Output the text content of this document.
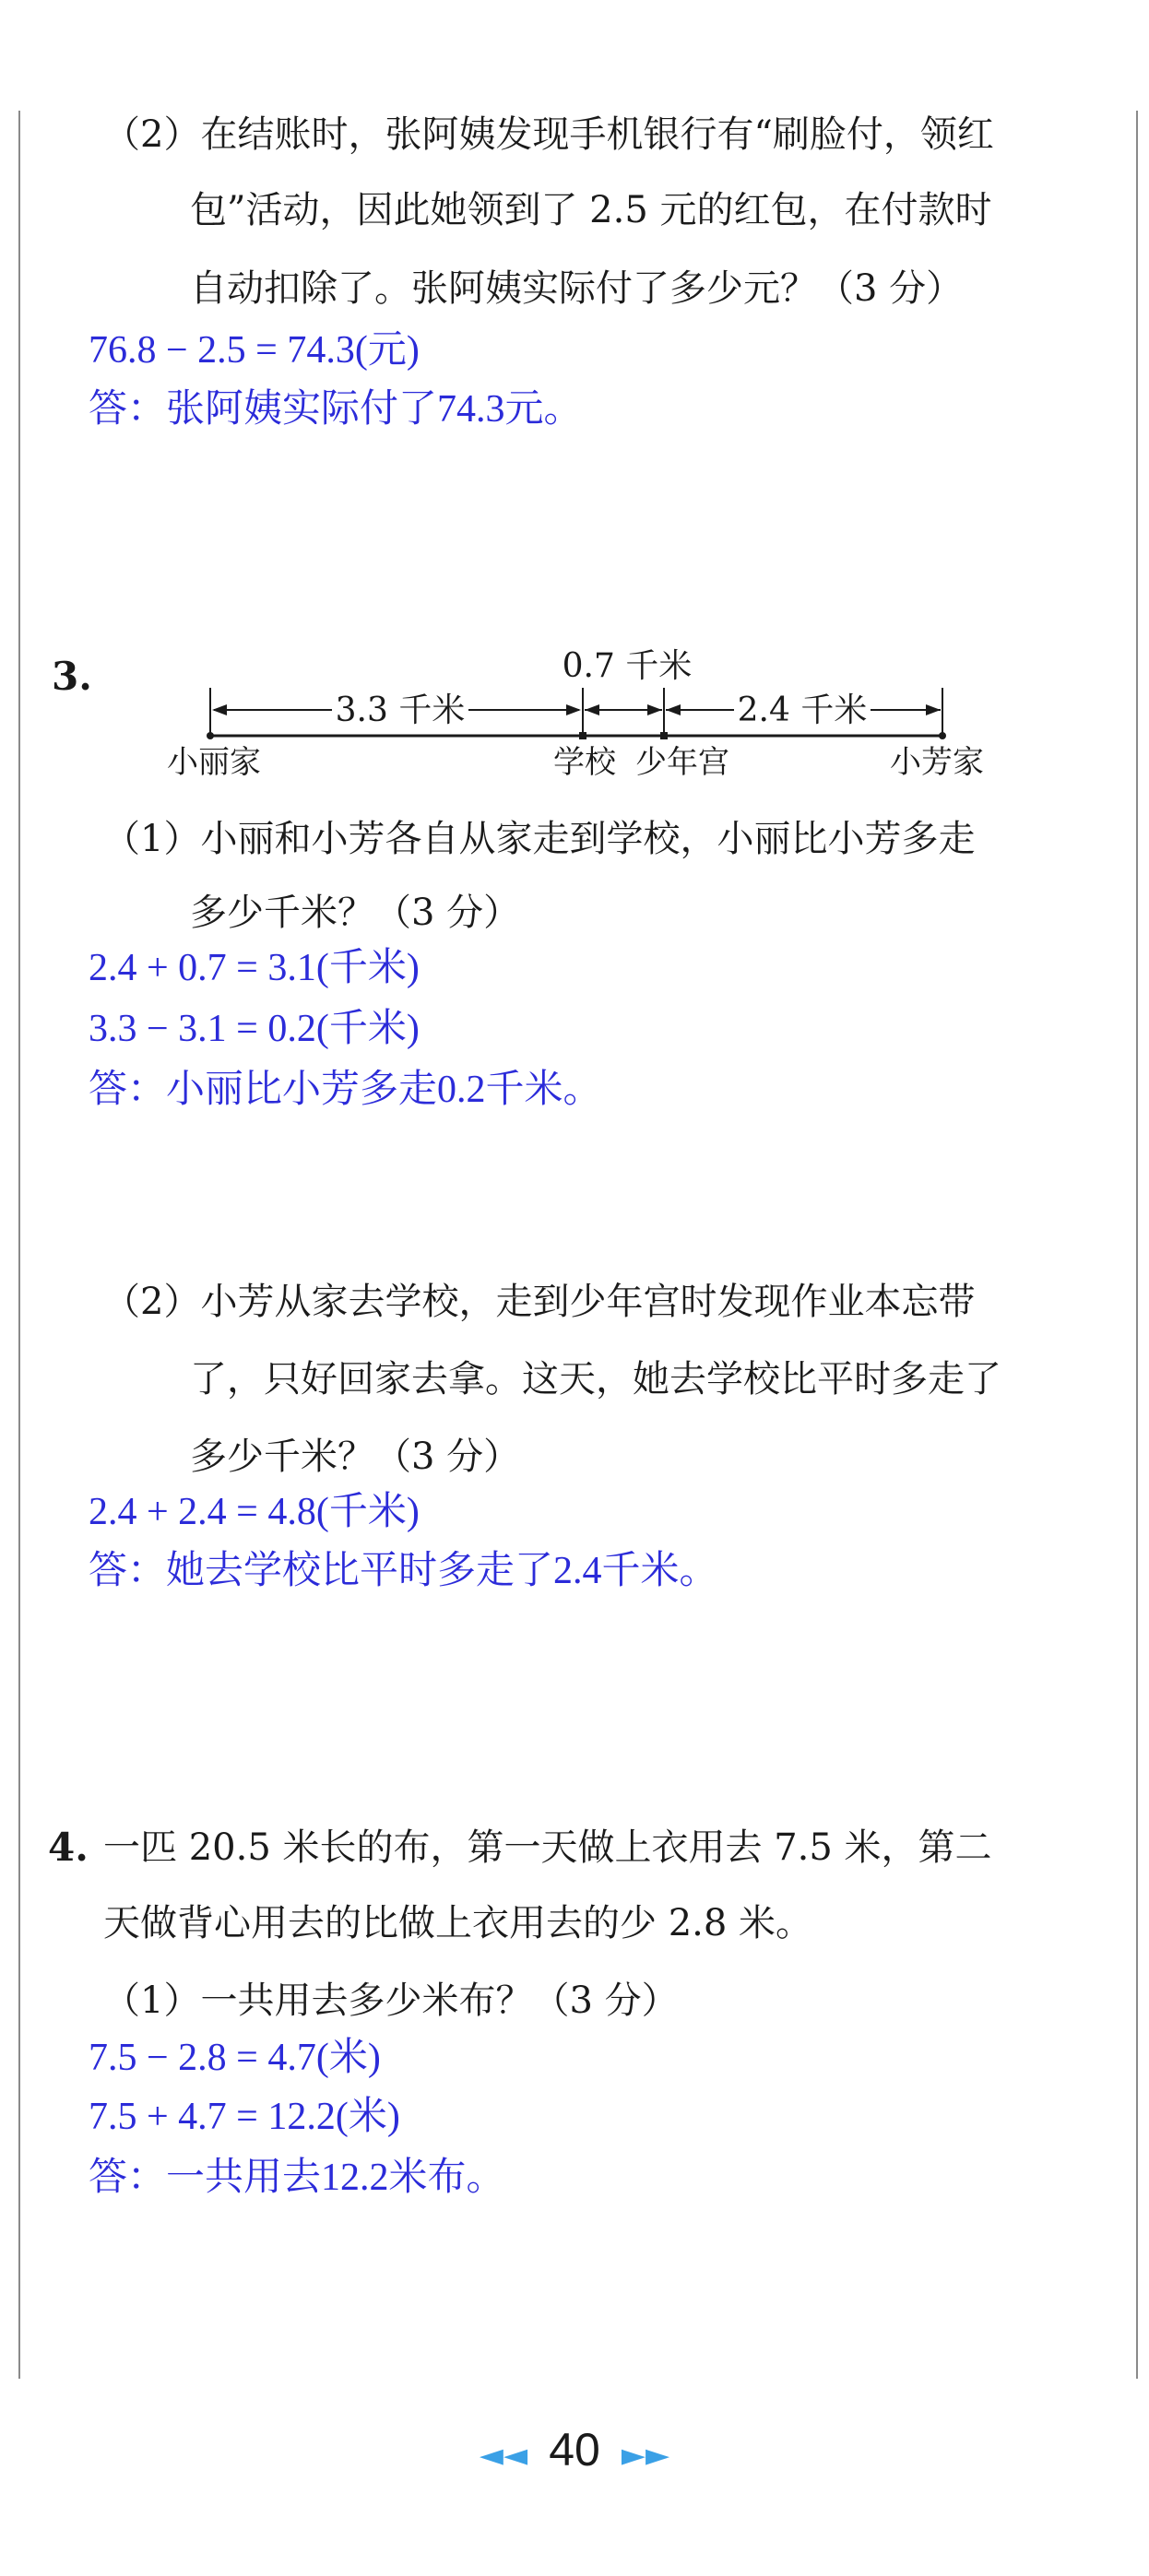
（2）在结账时，张阿姨发现手机银行有“刷脸付，领红
包”活动，因此她领到了 2.5 元的红包，在付款时
自动扣除了。张阿姨实际付了多少元？（3 分）
76.8 − 2.5 = 74.3(元)
答：张阿姨实际付了74.3元。
3.
3.3 千米
0.7 千米
2.4 千米
小丽家	学校 少年宫	小芳家
（1）小丽和小芳各自从家走到学校，小丽比小芳多走
多少千米？（3 分）
2.4 + 0.7 = 3.1(千米)
3.3 − 3.1 = 0.2(千米)
答：小丽比小芳多走0.2千米。
（2）小芳从家去学校，走到少年宫时发现作业本忘带
了，只好回家去拿。这天，她去学校比平时多走了
多少千米？（3 分）
2.4 + 2.4 = 4.8(千米)
答：她去学校比平时多走了2.4千米。
4. 一匹 20.5 米长的布，第一天做上衣用去 7.5 米，第二
天做背心用去的比做上衣用去的少 2.8 米。
（1）一共用去多少米布？（3 分）
7.5 − 2.8 = 4.7(米)
7.5 + 4.7 = 12.2(米)
答：一共用去12.2米布。
◄◄ 40 ►►
